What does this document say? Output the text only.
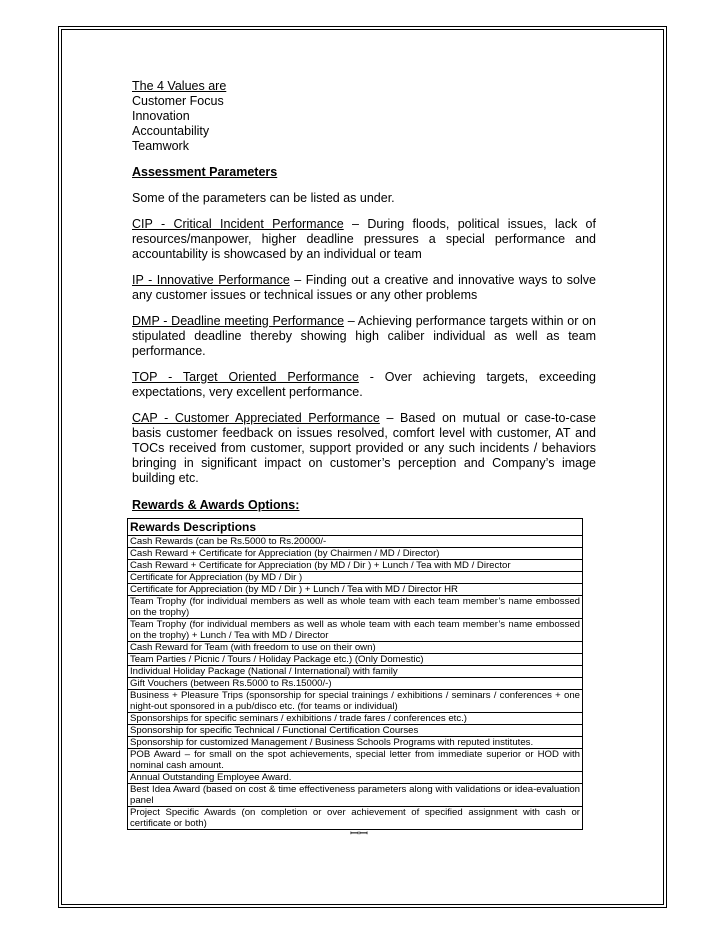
The 4 Values are
Customer Focus
Innovation
Accountability
Teamwork
Assessment Parameters

Some of the parameters can be listed as under.

CIP - Critical Incident Performance – During floods, political issues, lack of resources/manpower, higher deadline pressures a special performance and accountability is showcased by an individual or team

IP - Innovative Performance – Finding out a creative and innovative ways to solve any customer issues or technical issues or any other problems

DMP - Deadline meeting Performance – Achieving performance targets within or on stipulated deadline thereby showing high caliber individual as well as team performance.

TOP - Target Oriented Performance - Over achieving targets, exceeding expectations, very excellent performance.

CAP - Customer Appreciated Performance – Based on mutual or case-to-case basis customer feedback on issues resolved, comfort level with customer, AT and TOCs received from customer, support provided or any such incidents / behaviors bringing in significant impact on customer’s perception and Company’s image building etc.

Rewards & Awards Options:
Rewards Descriptions
Cash Rewards (can be Rs.5000 to Rs.20000/-
Cash Reward + Certificate for Appreciation (by Chairmen / MD / Director)
Cash Reward + Certificate for Appreciation (by MD / Dir ) + Lunch / Tea with MD / Director
Certificate for Appreciation (by MD / Dir )
Certificate for Appreciation (by MD / Dir ) + Lunch / Tea with MD / Director HR
Team Trophy (for individual members as well as whole team with each team member’s name embossed on the trophy)
Team Trophy (for individual members as well as whole team with each team member’s name embossed on the trophy) + Lunch / Tea with MD / Director
Cash Reward for Team (with freedom to use on their own)
Team Parties / Picnic / Tours / Holiday Package etc.) (Only Domestic)
Individual Holiday Package (National / International) with family
Gift Vouchers (between Rs.5000 to Rs.15000/-)
Business + Pleasure Trips (sponsorship for special trainings / exhibitions / seminars / conferences + one night-out sponsored in a pub/disco etc. (for teams or individual)
Sponsorships for specific seminars / exhibitions / trade fares / conferences etc.)
Sponsorship for specific Technical / Functional Certification Courses
Sponsorship for customized Management / Business Schools Programs with reputed institutes.
POB Award – for small on the spot achievements, special letter from immediate superior or HOD with nominal cash amount.
Annual Outstanding Employee Award.
Best Idea Award (based on cost & time effectiveness parameters along with validations or idea-evaluation panel
Project Specific Awards (on completion or over achievement of specified assignment with cash or certificate or both)
ꟷꟷ
